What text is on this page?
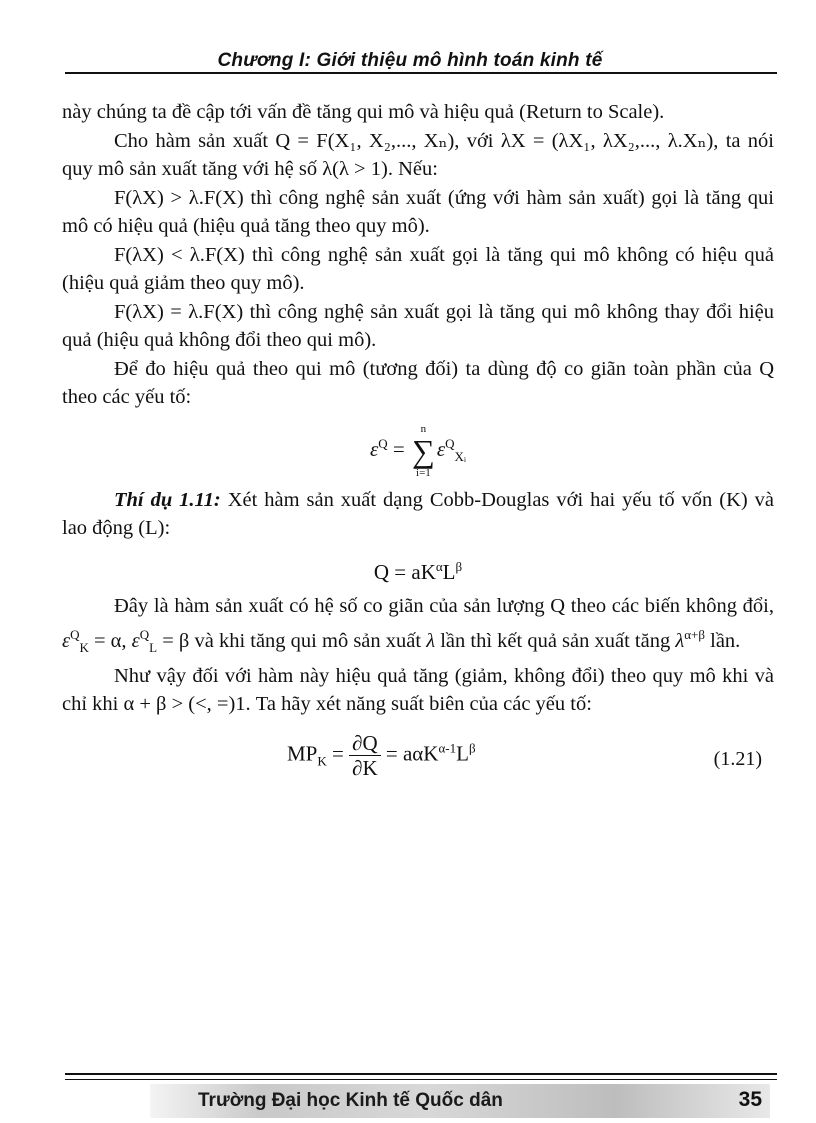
Chương I: Giới thiệu mô hình toán kinh tế

này chúng ta đề cập tới vấn đề tăng qui mô và hiệu quả (Return to Scale).

Cho hàm sản xuất Q = F(X₁, X₂,..., Xₙ), với λX = (λX₁, λX₂,..., λ.Xₙ), ta nói quy mô sản xuất tăng với hệ số λ(λ > 1). Nếu:

F(λX) > λ.F(X) thì công nghệ sản xuất (ứng với hàm sản xuất) gọi là tăng qui mô có hiệu quả (hiệu quả tăng theo quy mô).

F(λX) < λ.F(X) thì công nghệ sản xuất gọi là tăng qui mô không có hiệu quả (hiệu quả giảm theo quy mô).

F(λX) = λ.F(X) thì công nghệ sản xuất gọi là tăng qui mô không thay đổi hiệu quả (hiệu quả không đổi theo qui mô).

Để đo hiệu quả theo qui mô (tương đối) ta dùng độ co giãn toàn phần của Q theo các yếu tố:

$\varepsilon^Q$ =
n
∑
i=1
$\varepsilon^Q_{Xᵢ}$

Thí dụ 1.11: Xét hàm sản xuất dạng Cobb-Douglas với hai yếu tố vốn (K) và lao động (L):

$Q = aK^\alpha L^\beta$

Đây là hàm sản xuất có hệ số co giãn của sản lượng Q theo các biến không đổi, $\varepsilon^Q_K = \alpha$, $\varepsilon^Q_L = \beta$ và khi tăng qui mô sản xuất λ lần thì kết quả sản xuất tăng $\lambda^{\alpha+\beta}$ lần.

Như vậy đối với hàm này hiệu quả tăng (giảm, không đổi) theo quy mô khi và chỉ khi α + β > (<, =)1. Ta hãy xét năng suất biên của các yếu tố:

$MP_K = \frac{\partial Q}{\partial K} = a\alpha K^{\alpha-1}L^\beta$
(1.21)
Trường Đại học Kinh tế Quốc dân	35
